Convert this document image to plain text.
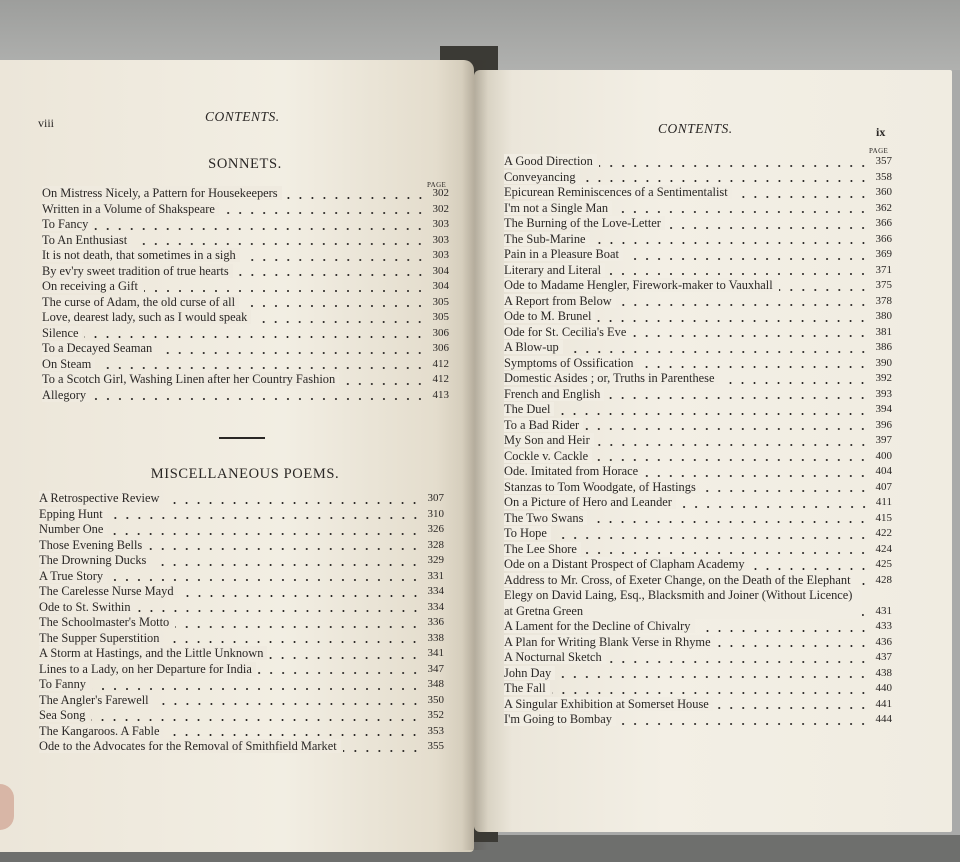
viii	CONTENTS.
SONNETS.
PAGE
On Mistress Nicely, a Pattern for Housekeepers	302
Written in a Volume of Shakspeare	302
To Fancy	303
To An Enthusiast	303
It is not death, that sometimes in a sigh	303
By ev'ry sweet tradition of true hearts	304
On receiving a Gift	304
The curse of Adam, the old curse of all	305
Love, dearest lady, such as I would speak	305
Silence	306
To a Decayed Seaman	306
On Steam	412
To a Scotch Girl, Washing Linen after her Country Fashion	412
Allegory	413
MISCELLANEOUS POEMS.
A Retrospective Review	307
Epping Hunt	310
Number One	326
Those Evening Bells	328
The Drowning Ducks	329
A True Story	331
The Carelesse Nurse Mayd	334
Ode to St. Swithin	334
The Schoolmaster's Motto	336
The Supper Superstition	338
A Storm at Hastings, and the Little Unknown	341
Lines to a Lady, on her Departure for India	347
To Fanny	348
The Angler's Farewell	350
Sea Song	352
The Kangaroos. A Fable	353
Ode to the Advocates for the Removal of Smithfield Market	355
CONTENTS.	ix
PAGE
A Good Direction	357
Conveyancing	358
Epicurean Reminiscences of a Sentimentalist	360
I'm not a Single Man	362
The Burning of the Love-Letter	366
The Sub-Marine	366
Pain in a Pleasure Boat	369
Literary and Literal	371
Ode to Madame Hengler, Firework-maker to Vauxhall	375
A Report from Below	378
Ode to M. Brunel	380
Ode for St. Cecilia's Eve	381
A Blow-up	386
Symptoms of Ossification	390
Domestic Asides ; or, Truths in Parenthese	392
French and English	393
The Duel	394
To a Bad Rider	396
My Son and Heir	397
Cockle v. Cackle	400
Ode. Imitated from Horace	404
Stanzas to Tom Woodgate, of Hastings	407
On a Picture of Hero and Leander	411
The Two Swans	415
To Hope	422
The Lee Shore	424
Ode on a Distant Prospect of Clapham Academy	425
Address to Mr. Cross, of Exeter Change, on the Death of the Elephant 428
Elegy on David Laing, Esq., Blacksmith and Joiner (Without Licence) at Gretna Green	431
A Lament for the Decline of Chivalry	433
A Plan for Writing Blank Verse in Rhyme	436
A Nocturnal Sketch	437
John Day	438
The Fall	440
A Singular Exhibition at Somerset House	441
I'm Going to Bombay	444
